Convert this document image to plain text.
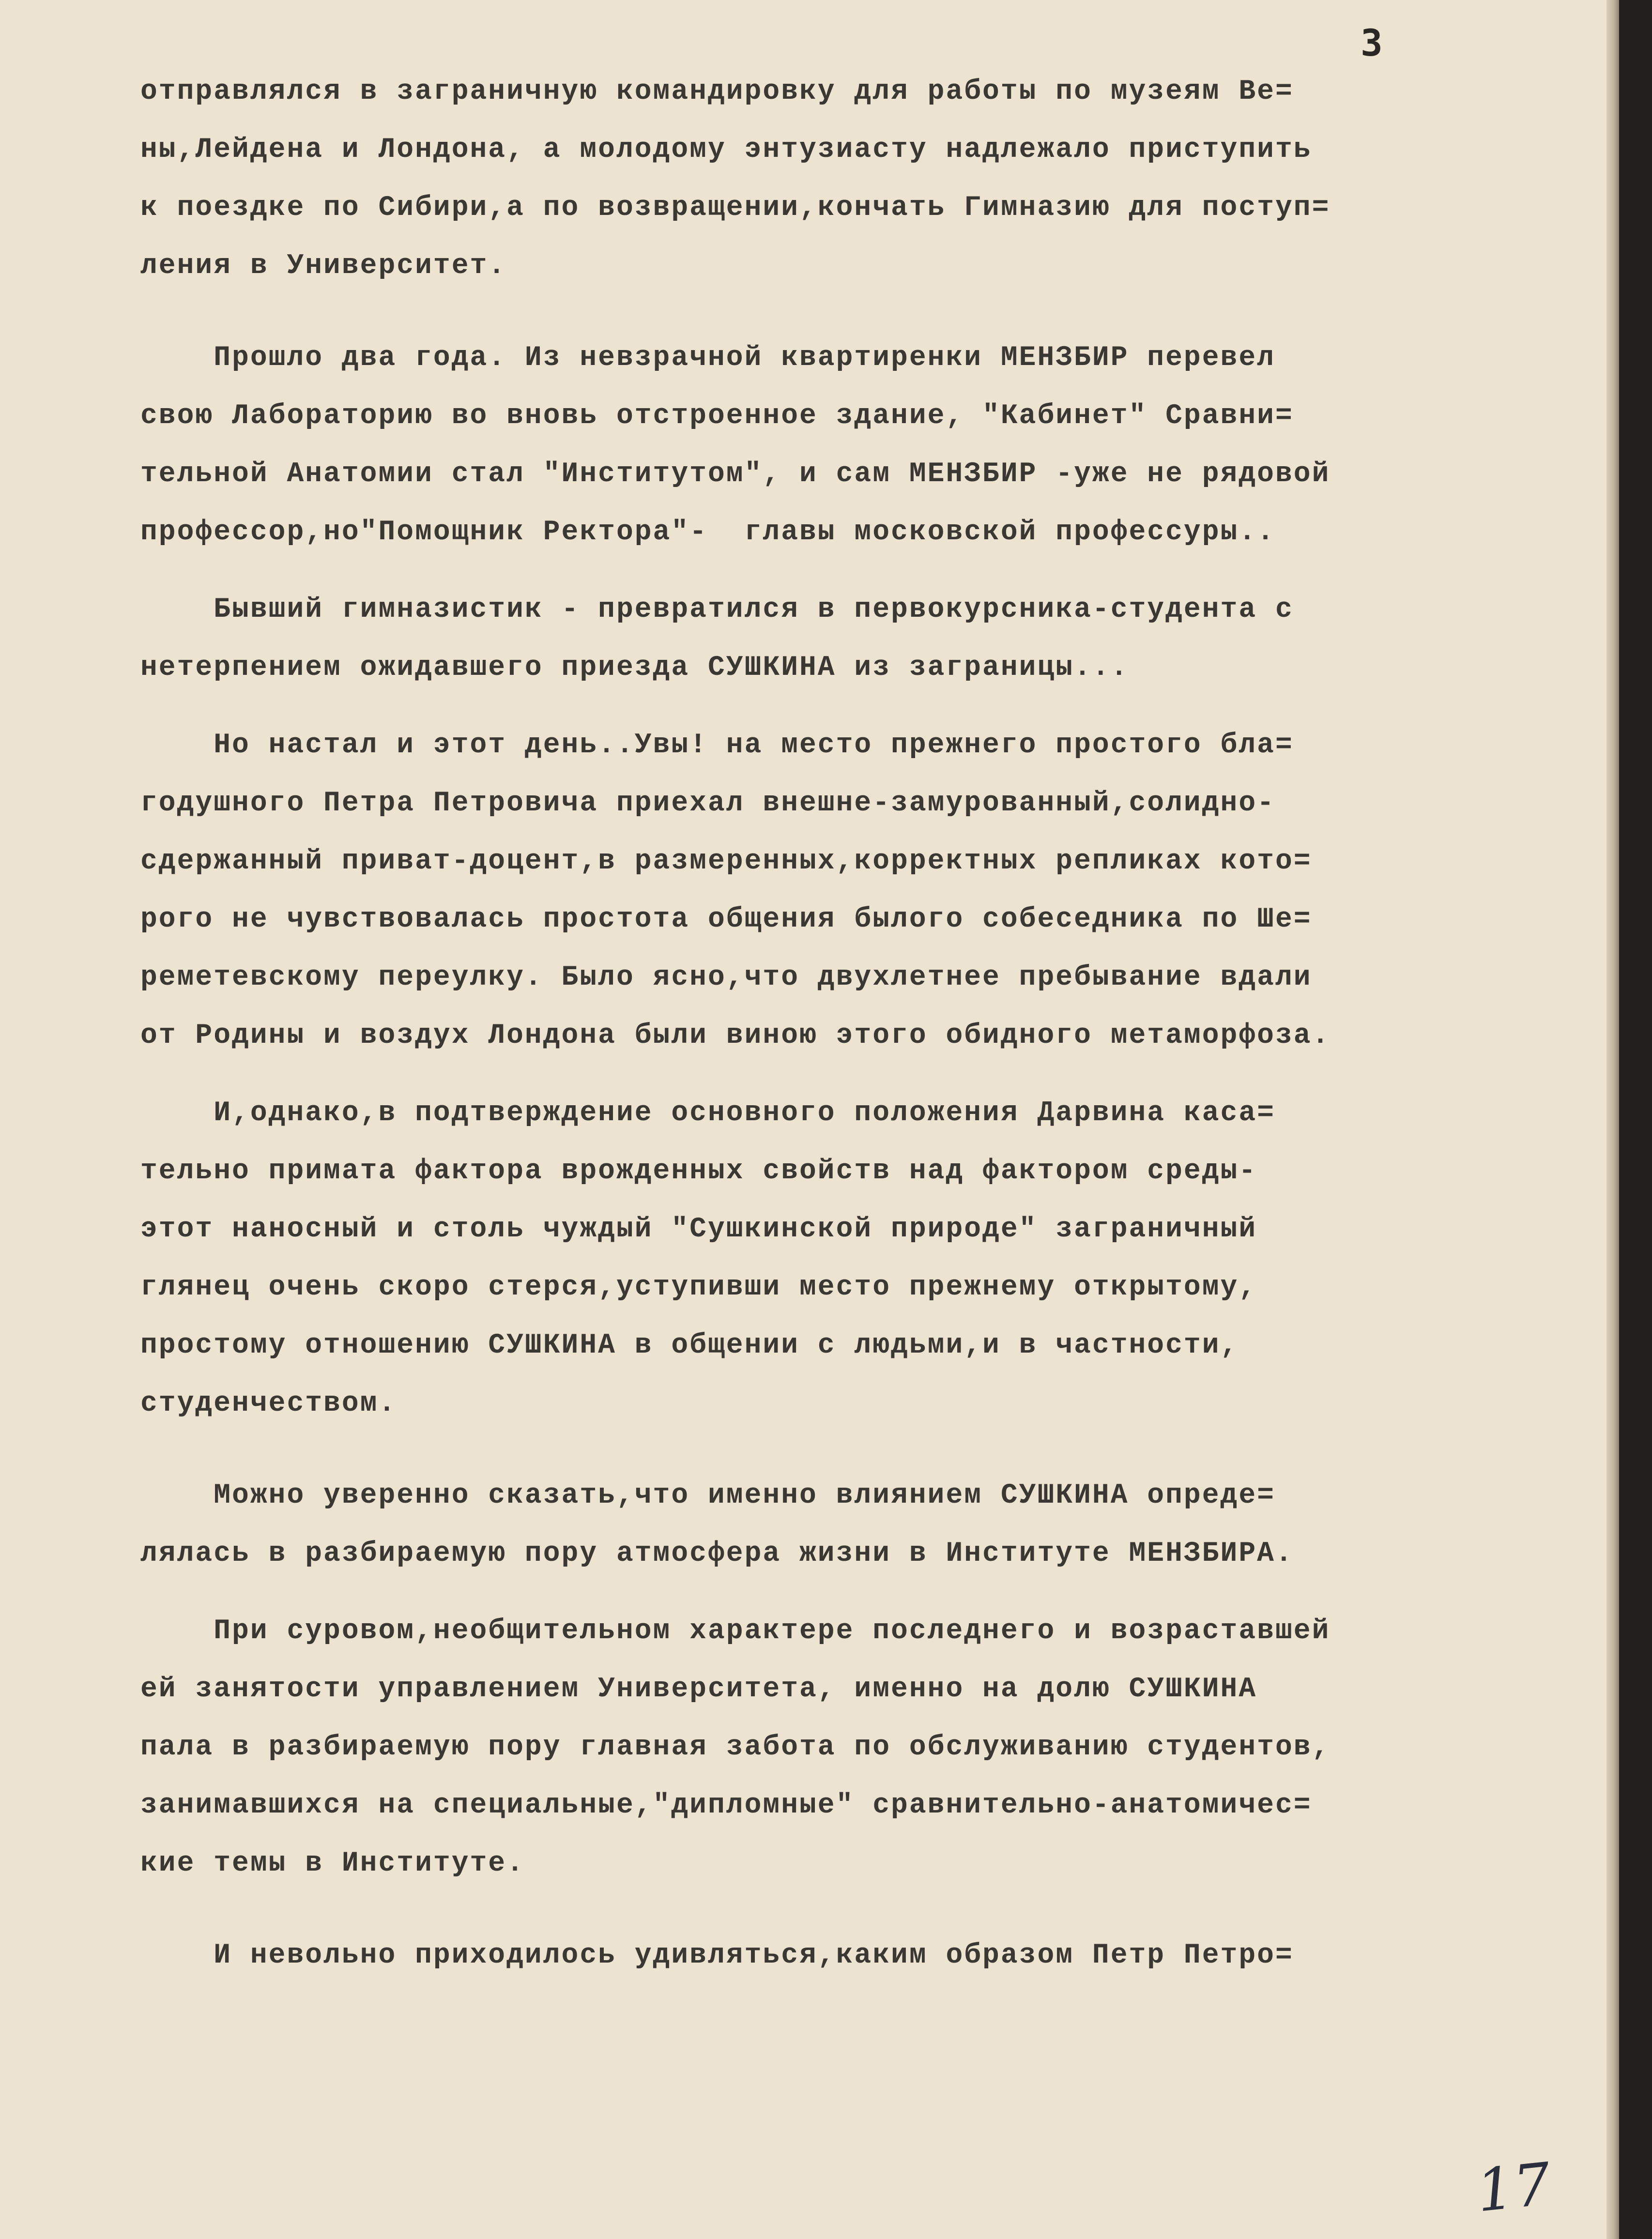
3
отправлялся в заграничную командировку для работы по музеям Ве=
ны,Лейдена и Лондона, а молодому энтузиасту надлежало приступить
к поездке по Сибири,а по возвращении,кончать Гимназию для поступ=
ления в Университет.
Прошло два года. Из невзрачной квартиренки МЕНЗБИР перевел
свою Лабораторию во вновь отстроенное здание, "Кабинет" Сравни=
тельной Анатомии стал "Институтом", и сам МЕНЗБИР -уже не рядовой
профессор,но"Помощник Ректора"-  главы московской профессуры..
Бывший гимназистик - превратился в первокурсника-студента с
нетерпением ожидавшего приезда СУШКИНА из заграницы...
Но настал и этот день..Увы! на место прежнего простого бла=
годушного Петра Петровича приехал внешне-замурованный,солидно-
сдержанный приват-доцент,в размеренных,корректных репликах кото=
рого не чувствовалась простота общения былого собеседника по Ше=
реметевскому переулку. Было ясно,что двухлетнее пребывание вдали
от Родины и воздух Лондона были виною этого обидного метаморфоза.
И,однако,в подтверждение основного положения Дарвина каса=
тельно примата фактора врожденных свойств над фактором среды-
этот наносный и столь чуждый "Сушкинской природе" заграничный
глянец очень скоро стерся,уступивши место прежнему открытому,
простому отношению СУШКИНА в общении с людьми,и в частности,
студенчеством.
Можно уверенно сказать,что именно влиянием СУШКИНА опреде=
лялась в разбираемую пору атмосфера жизни в Институте МЕНЗБИРА.
При суровом,необщительном характере последнего и возраставшей
ей занятости управлением Университета, именно на долю СУШКИНА
пала в разбираемую пору главная забота по обслуживанию студентов,
занимавшихся на специальные,"дипломные" сравнительно-анатомичес=
кие темы в Институте.
И невольно приходилось удивляться,каким образом Петр Петро=
17
